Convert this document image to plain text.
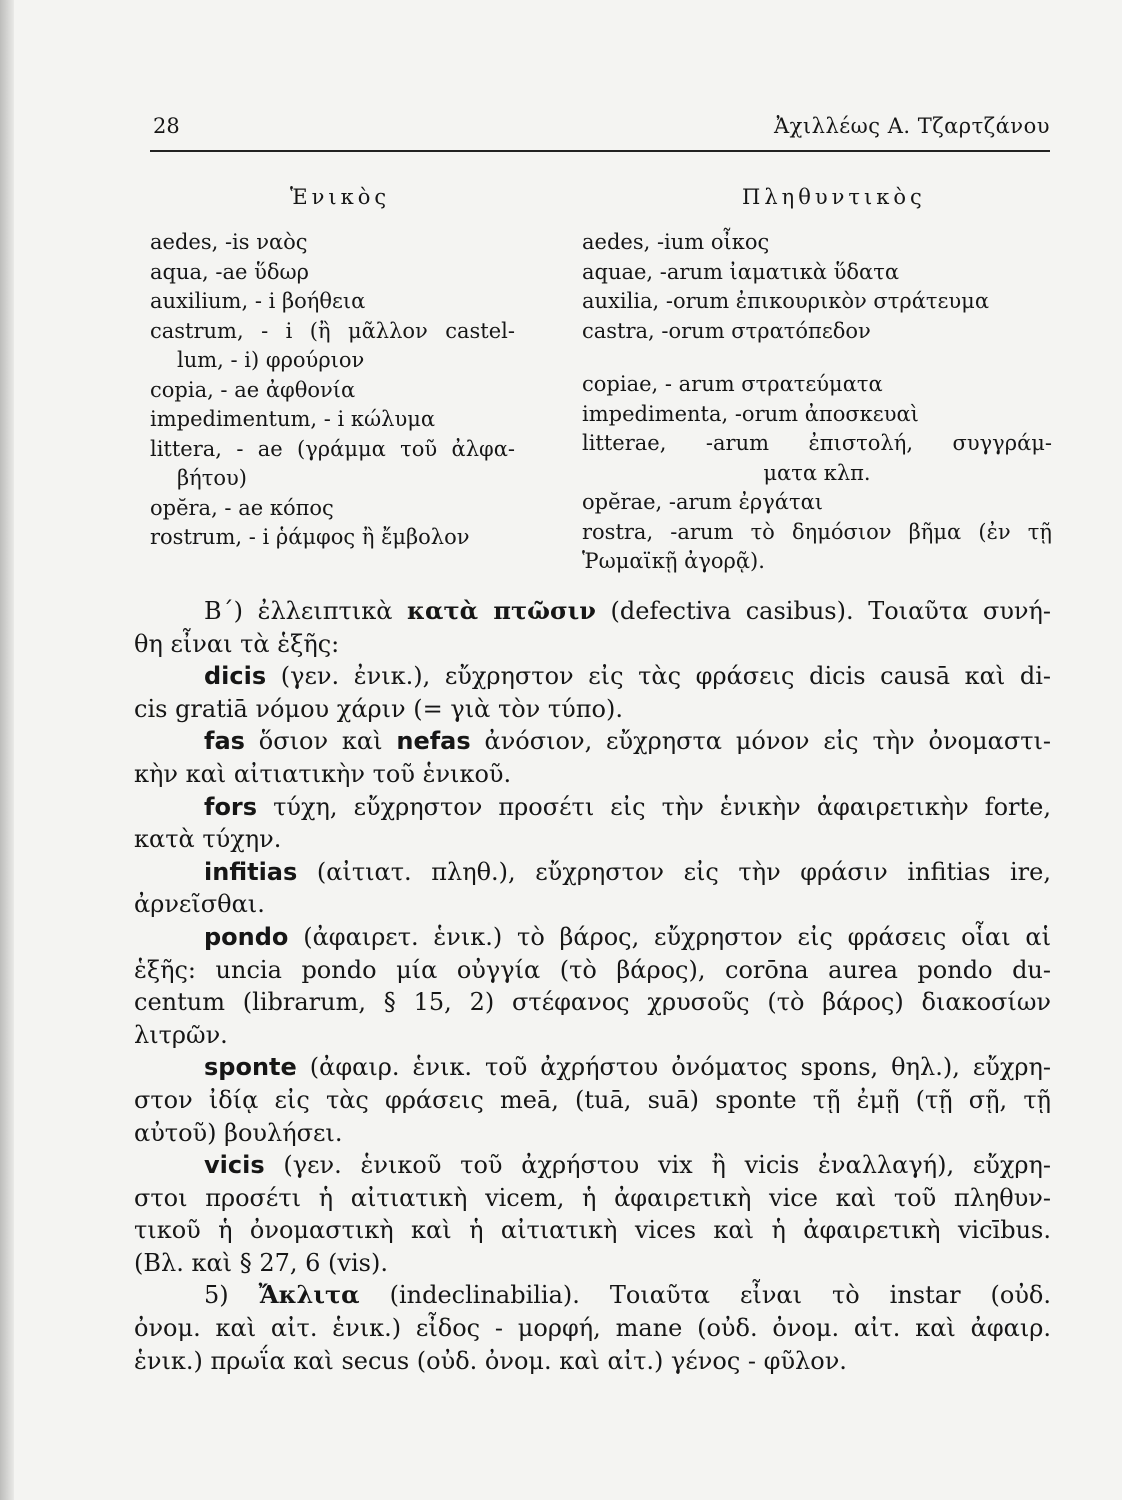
28	Ἀχιλλέως Α. Τζαρτζάνου
Ἑνικὸς
aedes, -is ναὸς
aqua, -ae ὕδωρ
auxilium, - i βοήθεια
castrum, - i (ἢ μᾶλλον castel-
lum, - i) φρούριον
copia, - ae ἀφθονία
impedimentum, - i κώλυμα
littera, - ae (γράμμα τοῦ ἀλφα-
βήτου)
opĕra, - ae κόπος
rostrum, - i ῥάμφος ἢ ἔμβολον
Πληθυντικὸς
aedes, -ium οἶκος
aquae, -arum ἰαματικὰ ὕδατα
auxilia, -orum ἐπικουρικὸν στράτευμα
castra, -orum στρατόπεδον
copiae, - arum στρατεύματα
impedimenta, -orum ἀποσκευαὶ
litterae, -arum ἐπιστολή, συγγράμ-
ματα κλπ.
opĕrae, -arum ἐργάται
rostra, -arum τὸ δημόσιον βῆμα (ἐν τῇ
Ῥωμαϊκῇ ἀγορᾷ).

Β΄) ἐλλειπτικὰ κατὰ πτῶσιν (defectiva casibus). Τοιαῦτα συνή-
θη εἶναι τὰ ἑξῆς:

dicis (γεν. ἐνικ.), εὔχρηστον εἰς τὰς φράσεις dicis causā καὶ di-
cis gratiā νόμου χάριν (= γιὰ τὸν τύπο).

fas ὅσιον καὶ nefas ἀνόσιον, εὔχρηστα μόνον εἰς τὴν ὀνομαστι-
κὴν καὶ αἰτιατικὴν τοῦ ἑνικοῦ.

fors τύχη, εὔχρηστον προσέτι εἰς τὴν ἑνικὴν ἀφαιρετικὴν forte,
κατὰ τύχην.

infitias (αἰτιατ. πληθ.), εὔχρηστον εἰς τὴν φράσιν infitias ire,
ἀρνεῖσθαι.

pondo (ἀφαιρετ. ἑνικ.) τὸ βάρος, εὔχρηστον εἰς φράσεις οἷαι αἱ
ἑξῆς: uncia pondo μία οὐγγία (τὸ βάρος), corōna aurea pondo du-
centum (librarum, § 15, 2) στέφανος χρυσοῦς (τὸ βάρος) διακοσίων
λιτρῶν.

sponte (ἀφαιρ. ἑνικ. τοῦ ἀχρήστου ὀνόματος spons, θηλ.), εὔχρη-
στον ἰδίᾳ εἰς τὰς φράσεις meā, (tuā, suā) sponte τῇ ἐμῇ (τῇ σῇ, τῇ
αὐτοῦ) βουλήσει.

vicis (γεν. ἑνικοῦ τοῦ ἀχρήστου vix ἢ vicis ἐναλλαγή), εὔχρη-
στοι προσέτι ἡ αἰτιατικὴ vicem, ἡ ἀφαιρετικὴ vice καὶ τοῦ πληθυν-
τικοῦ ἡ ὀνομαστικὴ καὶ ἡ αἰτιατικὴ vices καὶ ἡ ἀφαιρετικὴ vicībus.
(Βλ. καὶ § 27, 6 (vis).

5) Ἄκλιτα (indeclinabilia). Τοιαῦτα εἶναι τὸ instar (οὐδ.
ὀνομ. καὶ αἰτ. ἑνικ.) εἶδος - μορφή, mane (οὐδ. ὀνομ. αἰτ. καὶ ἀφαιρ.
ἑνικ.) πρωΐα καὶ secus (οὐδ. ὀνομ. καὶ αἰτ.) γένος - φῦλον.
